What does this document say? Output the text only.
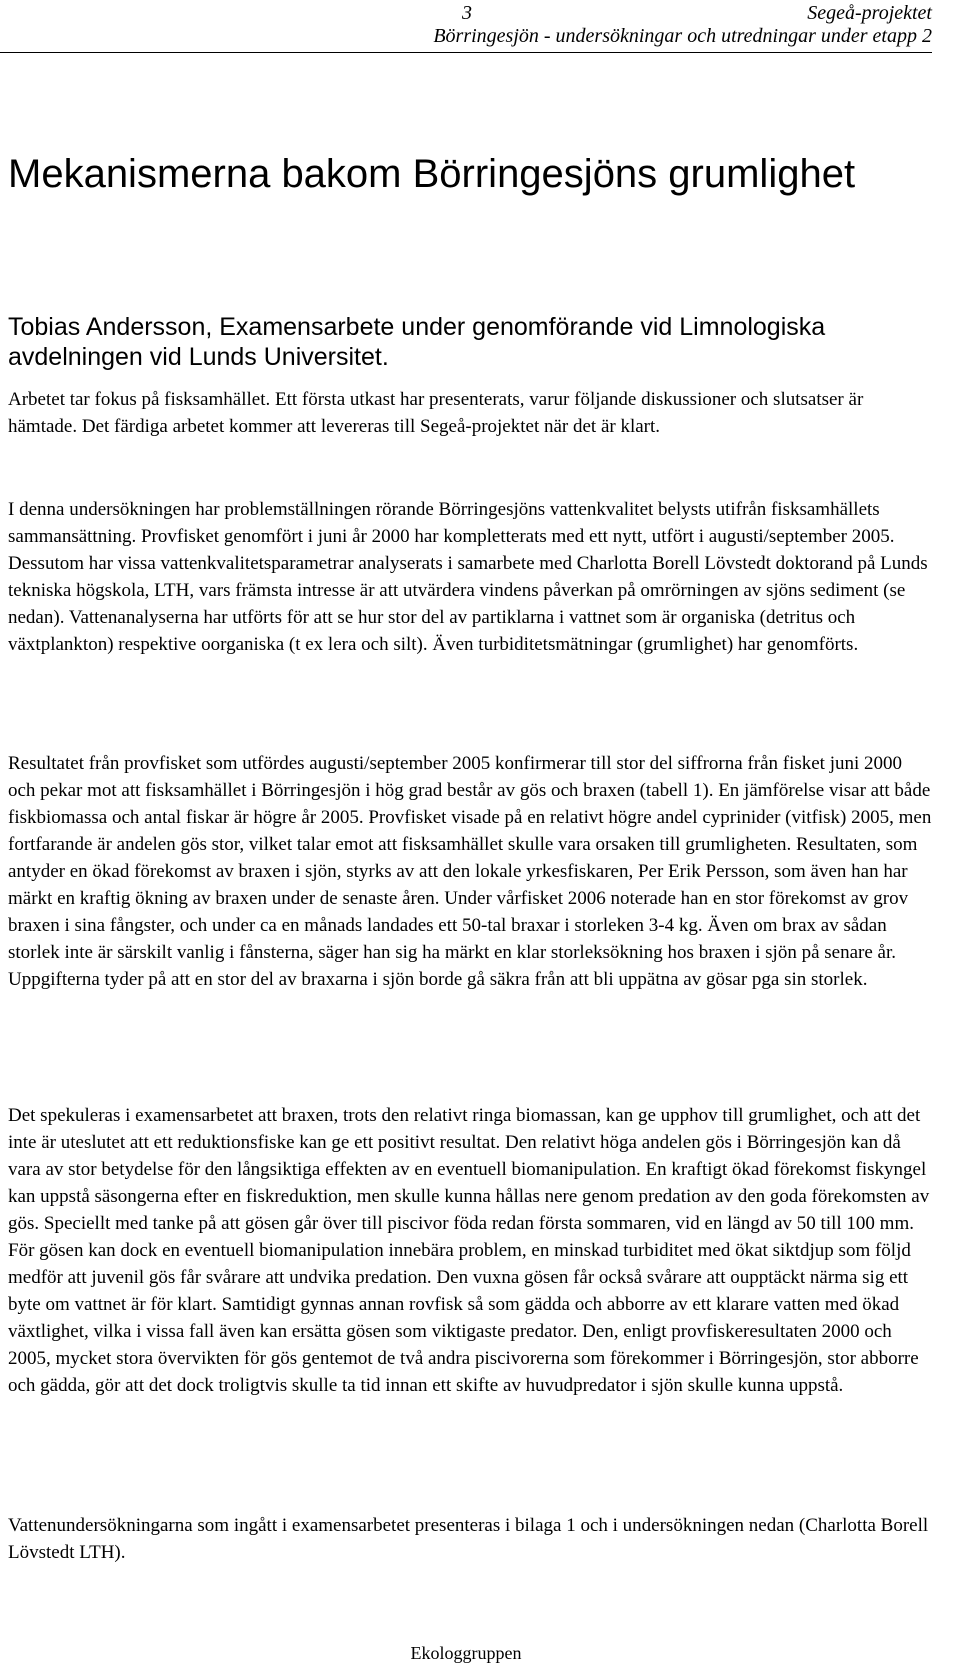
3	Segeå-projektet
Börringesjön - undersökningar och utredningar under etapp 2
Mekanismerna bakom Börringesjöns grumlighet

Tobias Andersson, Examensarbete under genomförande vid Limnologiska avdelningen vid Lunds Universitet.

Arbetet tar fokus på fisksamhället. Ett första utkast har presenterats, varur följande diskussioner och slutsatser är hämtade. Det färdiga arbetet kommer att levereras till Segeå-projektet när det är klart.

I denna undersökningen har problemställningen rörande Börringesjöns vattenkvalitet belysts utifrån fisksamhällets sammansättning. Provfisket genomfört i juni år 2000 har kompletterats med ett nytt, utfört i augusti/september 2005. Dessutom har vissa vattenkvalitetsparametrar analyserats i samarbete med Charlotta Borell Lövstedt doktorand på Lunds tekniska högskola, LTH, vars främsta intresse är att utvärdera vindens påverkan på omrörningen av sjöns sediment (se nedan). Vattenanalyserna har utförts för att se hur stor del av partiklarna i vattnet som är organiska (detritus och växtplankton) respektive oorganiska (t ex lera och silt). Även turbiditetsmätningar (grumlighet) har genomförts.

Resultatet från provfisket som utfördes augusti/september 2005 konfirmerar till stor del siffrorna från fisket juni 2000 och pekar mot att fisksamhället i Börringesjön i hög grad består av gös och braxen (tabell 1). En jämförelse visar att både fiskbiomassa och antal fiskar är högre år 2005. Provfisket visade på en relativt högre andel cyprinider (vitfisk) 2005, men fortfarande är andelen gös stor, vilket talar emot att fisksamhället skulle vara orsaken till grumligheten. Resultaten, som antyder en ökad förekomst av braxen i sjön, styrks av att den lokale yrkesfiskaren, Per Erik Persson, som även han har märkt en kraftig ökning av braxen under de senaste åren. Under vårfisket 2006 noterade han en stor förekomst av grov braxen i sina fångster, och under ca en månads landades ett 50-tal braxar i storleken 3-4 kg. Även om brax av sådan storlek inte är särskilt vanlig i fånsterna, säger han sig ha märkt en klar storleksökning hos braxen i sjön på senare år. Uppgifterna tyder på att en stor del av braxarna i sjön borde gå säkra från att bli uppätna av gösar pga sin storlek.

Det spekuleras i examensarbetet att braxen, trots den relativt ringa biomassan, kan ge upphov till grumlighet, och att det inte är uteslutet att ett reduktionsfiske kan ge ett positivt resultat. Den relativt höga andelen gös i Börringesjön kan då vara av stor betydelse för den långsiktiga effekten av en eventuell biomanipulation. En kraftigt ökad förekomst fiskyngel kan uppstå säsongerna efter en fiskreduktion, men skulle kunna hållas nere genom predation av den goda förekomsten av gös. Speciellt med tanke på att gösen går över till piscivor föda redan första sommaren, vid en längd av 50 till 100 mm. För gösen kan dock en eventuell biomanipulation innebära problem, en minskad turbiditet med ökat siktdjup som följd medför att juvenil gös får svårare att undvika predation. Den vuxna gösen får också svårare att oupptäckt närma sig ett byte om vattnet är för klart. Samtidigt gynnas annan rovfisk så som gädda och abborre av ett klarare vatten med ökad växtlighet, vilka i vissa fall även kan ersätta gösen som viktigaste predator. Den, enligt provfiskeresultaten 2000 och 2005, mycket stora övervikten för gös gentemot de två andra piscivorerna som förekommer i Börringesjön, stor abborre och gädda, gör att det dock troligtvis skulle ta tid innan ett skifte av huvudpredator i sjön skulle kunna uppstå.

Vattenundersökningarna som ingått i examensarbetet presenteras i bilaga 1 och i undersökningen nedan (Charlotta Borell Lövstedt LTH).

Ekologgruppen
